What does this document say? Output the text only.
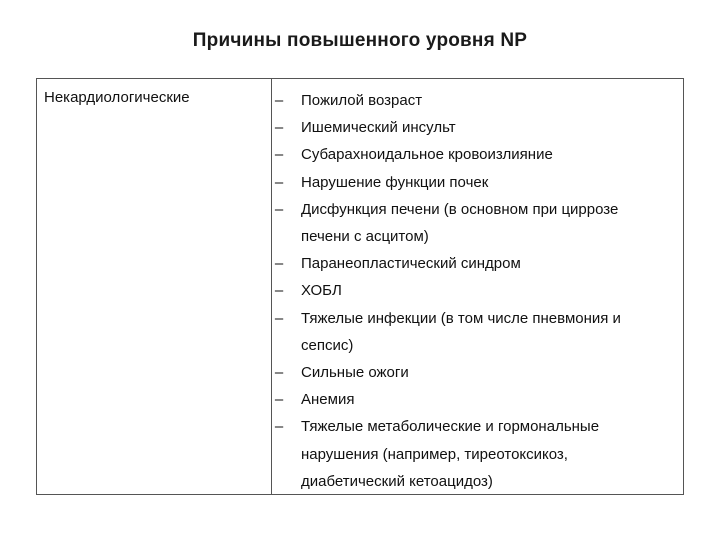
Причины повышенного уровня NP
Некардиологические	–	Пожилой возраст
–	Ишемический инсульт
–	Субарахноидальное кровоизлияние
–	Нарушение функции почек
–	Дисфункция печени (в основном при циррозе
печени с асцитом)
–	Паранеопластический синдром
–	ХОБЛ
–	Тяжелые инфекции (в том числе пневмония и
сепсис)
–	Сильные ожоги
–	Анемия
–	Тяжелые метаболические и гормональные
нарушения (например, тиреотоксикоз,
диабетический кетоацидоз)
